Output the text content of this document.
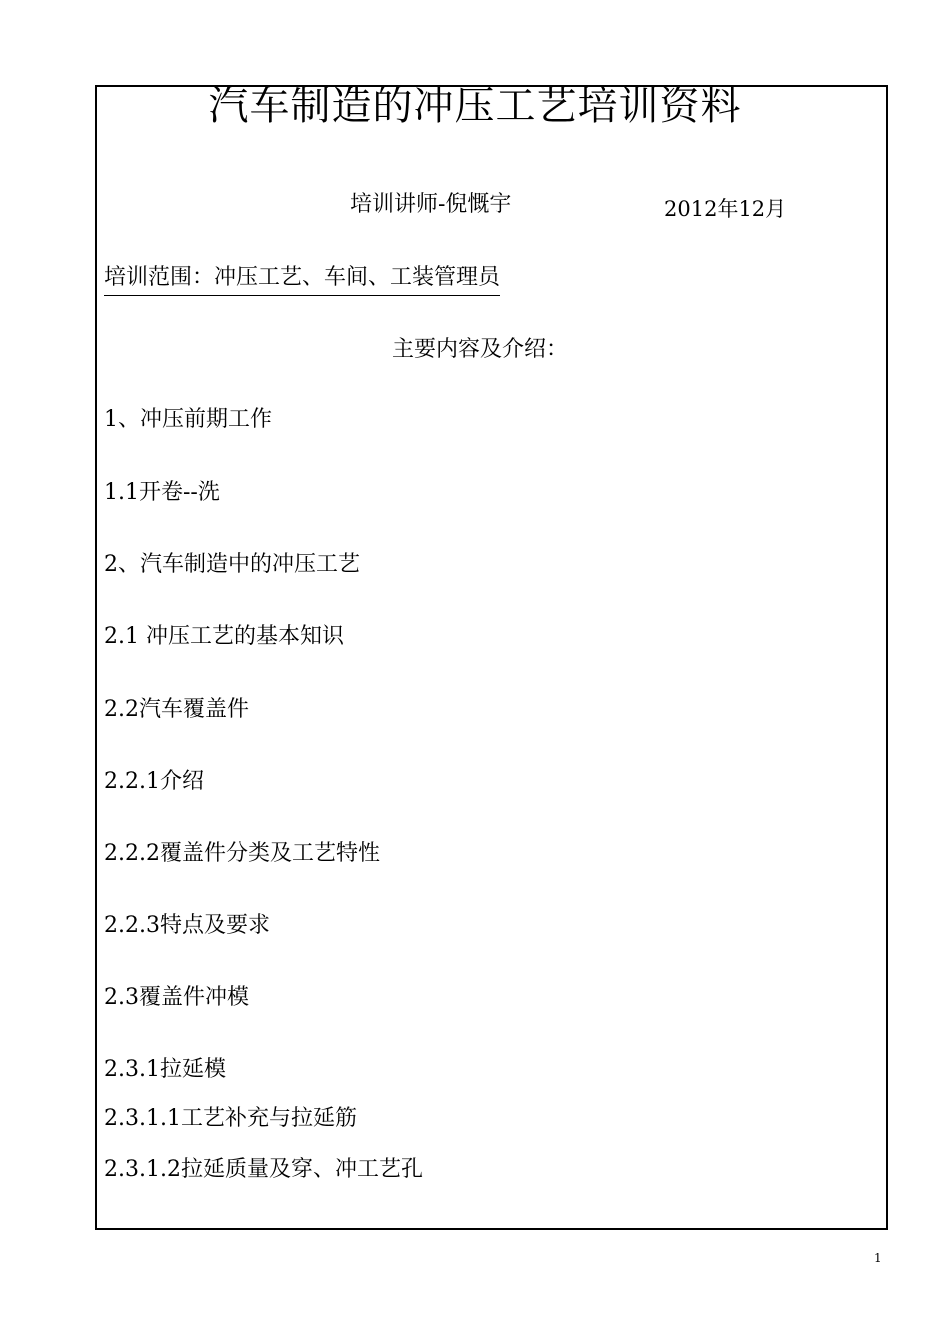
汽车制造的冲压工艺培训资料
培训讲师-倪慨宇	2012年12月
培训范围：冲压工艺、车间、工装管理员
主要内容及介绍：
1、冲压前期工作
1.1开卷--洗
2、汽车制造中的冲压工艺
2.1 冲压工艺的基本知识
2.2汽车覆盖件
2.2.1介绍
2.2.2覆盖件分类及工艺特性
2.2.3特点及要求
2.3覆盖件冲模
2.3.1拉延模
2.3.1.1工艺补充与拉延筋
2.3.1.2拉延质量及穿、冲工艺孔
1
